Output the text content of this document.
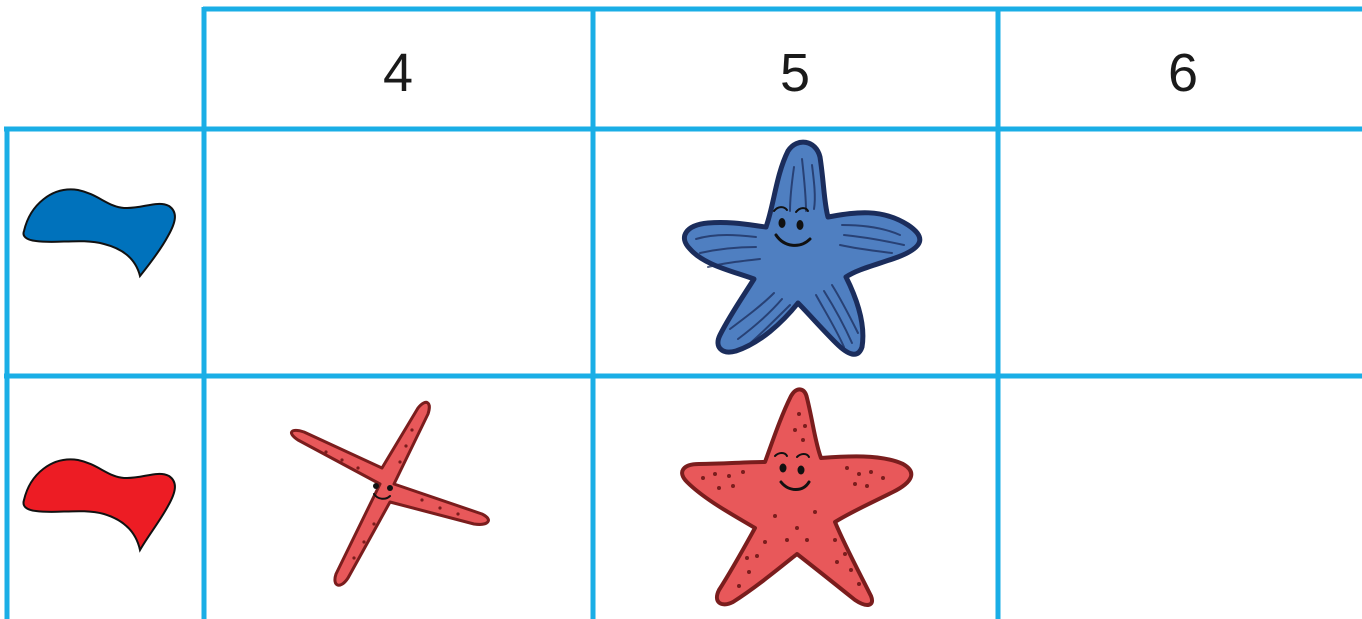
4	5	6
